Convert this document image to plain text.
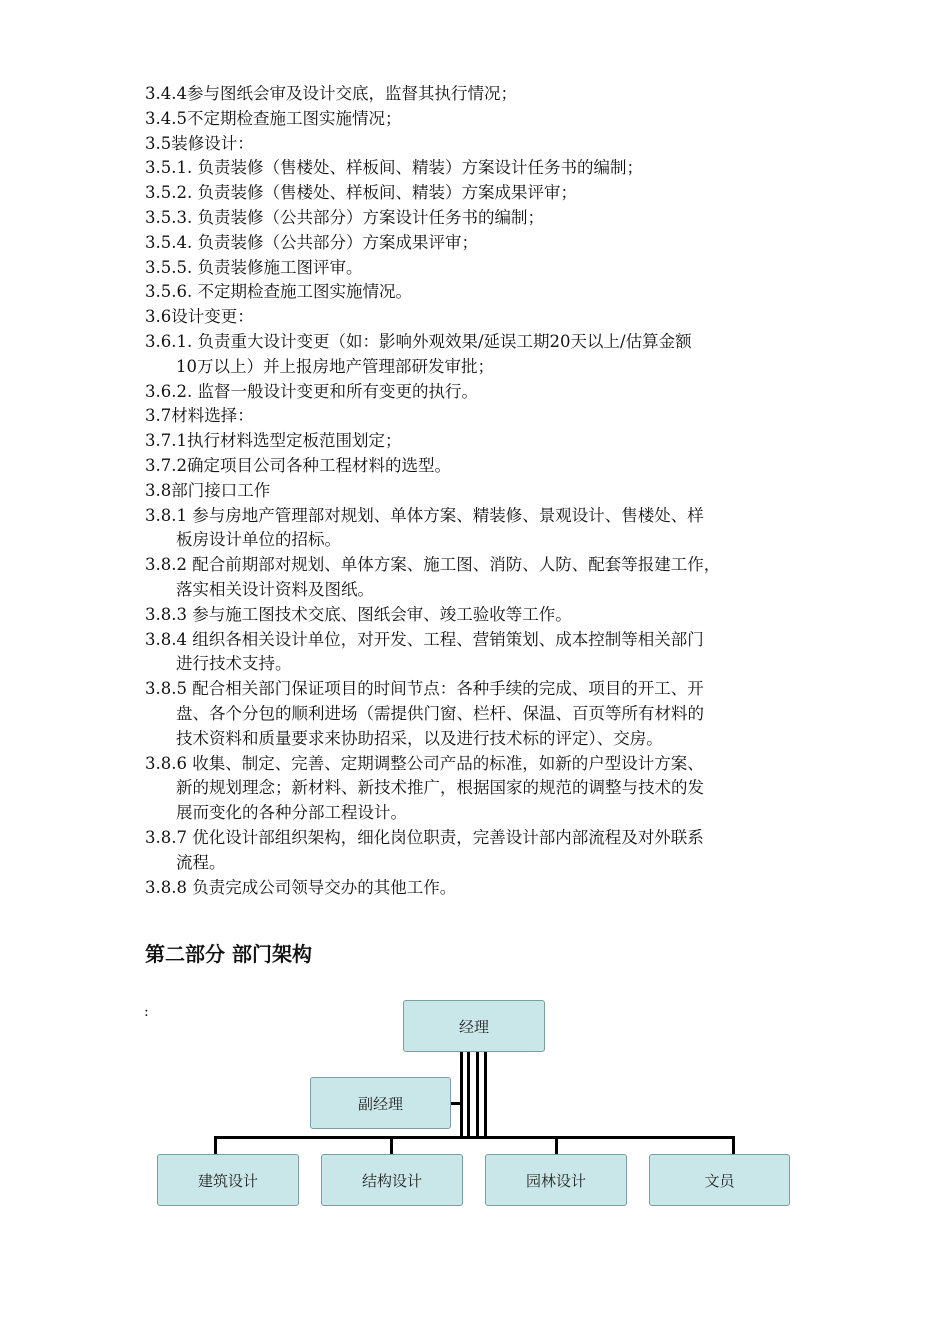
3.4.4参与图纸会审及设计交底，监督其执行情况；
3.4.5不定期检查施工图实施情况；
3.5装修设计：
3.5.1. 负责装修（售楼处、样板间、精装）方案设计任务书的编制；
3.5.2. 负责装修（售楼处、样板间、精装）方案成果评审；
3.5.3. 负责装修（公共部分）方案设计任务书的编制；
3.5.4. 负责装修（公共部分）方案成果评审；
3.5.5. 负责装修施工图评审。
3.5.6. 不定期检查施工图实施情况。
3.6设计变更：
3.6.1. 负责重大设计变更（如：影响外观效果/延误工期20天以上/估算金额
10万以上）并上报房地产管理部研发审批；
3.6.2. 监督一般设计变更和所有变更的执行。
3.7材料选择：
3.7.1执行材料选型定板范围划定；
3.7.2确定项目公司各种工程材料的选型。
3.8部门接口工作
3.8.1 参与房地产管理部对规划、单体方案、精装修、景观设计、售楼处、样
板房设计单位的招标。
3.8.2 配合前期部对规划、单体方案、施工图、消防、人防、配套等报建工作，
落实相关设计资料及图纸。
3.8.3 参与施工图技术交底、图纸会审、竣工验收等工作。
3.8.4 组织各相关设计单位，对开发、工程、营销策划、成本控制等相关部门
进行技术支持。
3.8.5 配合相关部门保证项目的时间节点：各种手续的完成、项目的开工、开
盘、各个分包的顺利进场（需提供门窗、栏杆、保温、百页等所有材料的
技术资料和质量要求来协助招采，以及进行技术标的评定）、交房。
3.8.6 收集、制定、完善、定期调整公司产品的标准，如新的户型设计方案、
新的规划理念；新材料、新技术推广，根据国家的规范的调整与技术的发
展而变化的各种分部工程设计。
3.8.7 优化设计部组织架构，细化岗位职责，完善设计部内部流程及对外联系
流程。
3.8.8 负责完成公司领导交办的其他工作。
第二部分 部门架构
:
经理
副经理
建筑设计	结构设计	园林设计	文员
